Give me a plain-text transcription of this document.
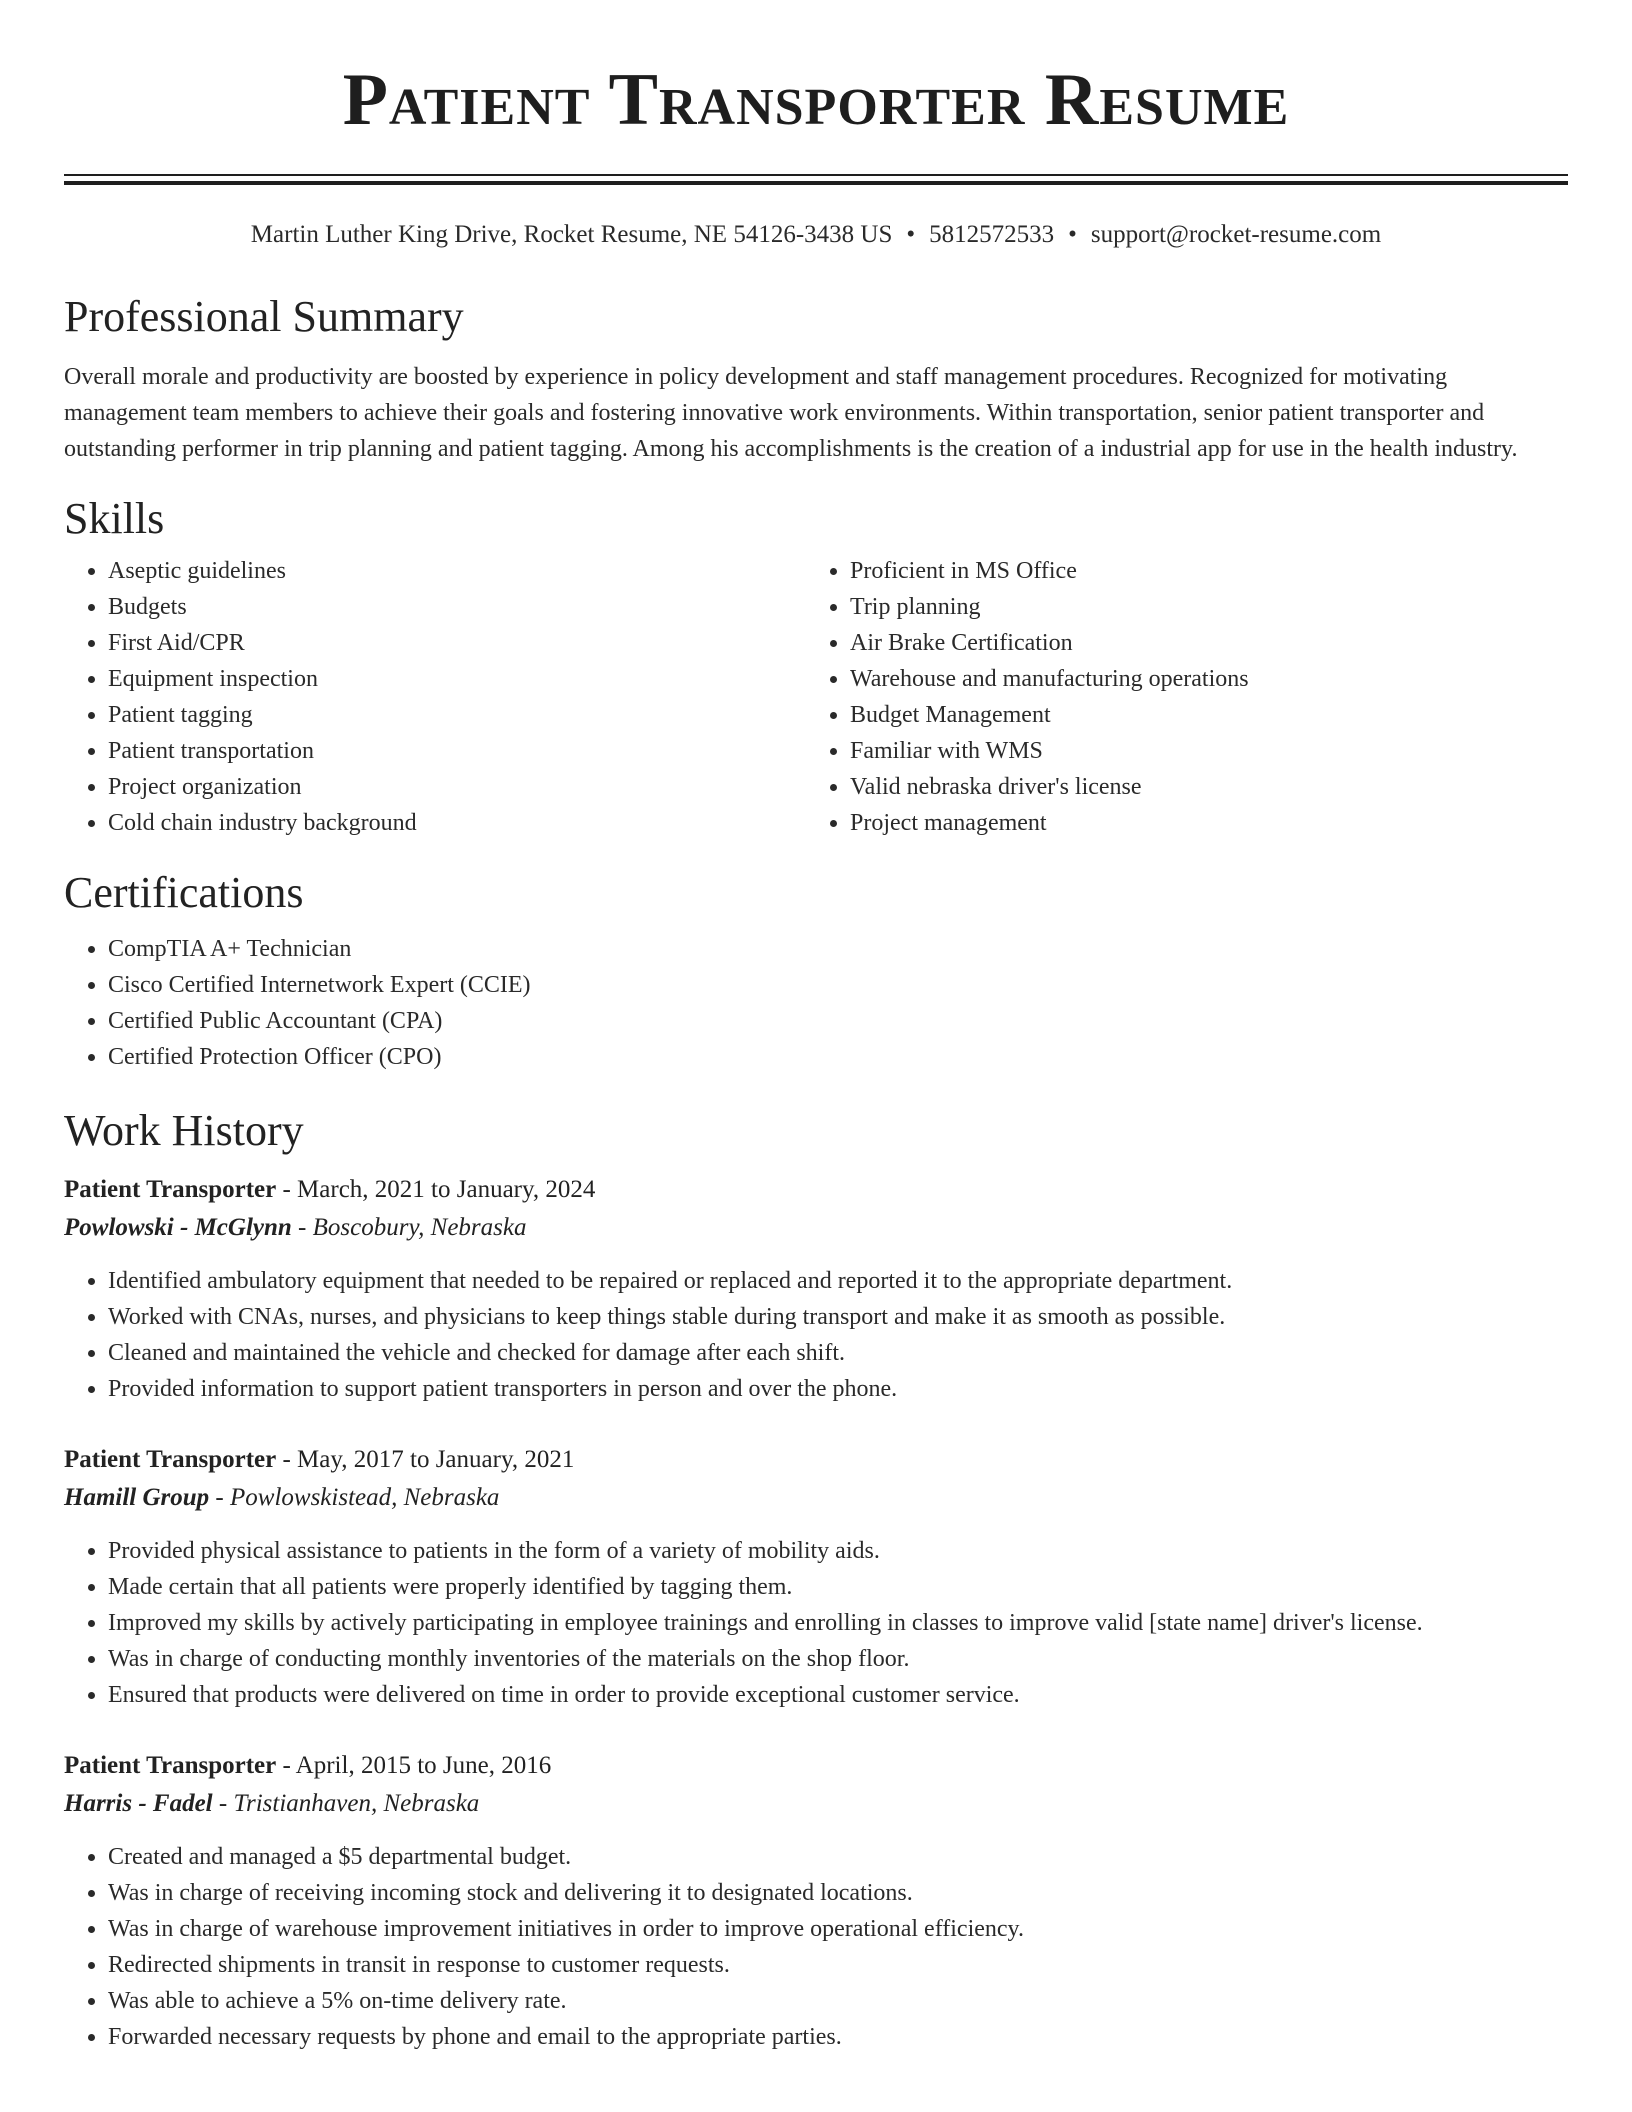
Patient Transporter Resume
Martin Luther King Drive, Rocket Resume, NE 54126-3438 US • 5812572533 • support@rocket-resume.com
Professional Summary

Overall morale and productivity are boosted by experience in policy development and staff management procedures. Recognized for motivating management team members to achieve their goals and fostering innovative work environments. Within transportation, senior patient transporter and outstanding performer in trip planning and patient tagging. Among his accomplishments is the creation of a industrial app for use in the health industry.

Skills
• Aseptic guidelines
• Budgets
• First Aid/CPR
• Equipment inspection
• Patient tagging
• Patient transportation
• Project organization
• Cold chain industry background
• Proficient in MS Office
• Trip planning
• Air Brake Certification
• Warehouse and manufacturing operations
• Budget Management
• Familiar with WMS
• Valid nebraska driver's license
• Project management
Certifications
• CompTIA A+ Technician
• Cisco Certified Internetwork Expert (CCIE)
• Certified Public Accountant (CPA)
• Certified Protection Officer (CPO)
Work History
Patient Transporter - March, 2021 to January, 2024
Powlowski - McGlynn - Boscobury, Nebraska
• Identified ambulatory equipment that needed to be repaired or replaced and reported it to the appropriate department.
• Worked with CNAs, nurses, and physicians to keep things stable during transport and make it as smooth as possible.
• Cleaned and maintained the vehicle and checked for damage after each shift.
• Provided information to support patient transporters in person and over the phone.
Patient Transporter - May, 2017 to January, 2021
Hamill Group - Powlowskistead, Nebraska
• Provided physical assistance to patients in the form of a variety of mobility aids.
• Made certain that all patients were properly identified by tagging them.
• Improved my skills by actively participating in employee trainings and enrolling in classes to improve valid [state name] driver's license.
• Was in charge of conducting monthly inventories of the materials on the shop floor.
• Ensured that products were delivered on time in order to provide exceptional customer service.
Patient Transporter - April, 2015 to June, 2016
Harris - Fadel - Tristianhaven, Nebraska
• Created and managed a $5 departmental budget.
• Was in charge of receiving incoming stock and delivering it to designated locations.
• Was in charge of warehouse improvement initiatives in order to improve operational efficiency.
• Redirected shipments in transit in response to customer requests.
• Was able to achieve a 5% on-time delivery rate.
• Forwarded necessary requests by phone and email to the appropriate parties.
